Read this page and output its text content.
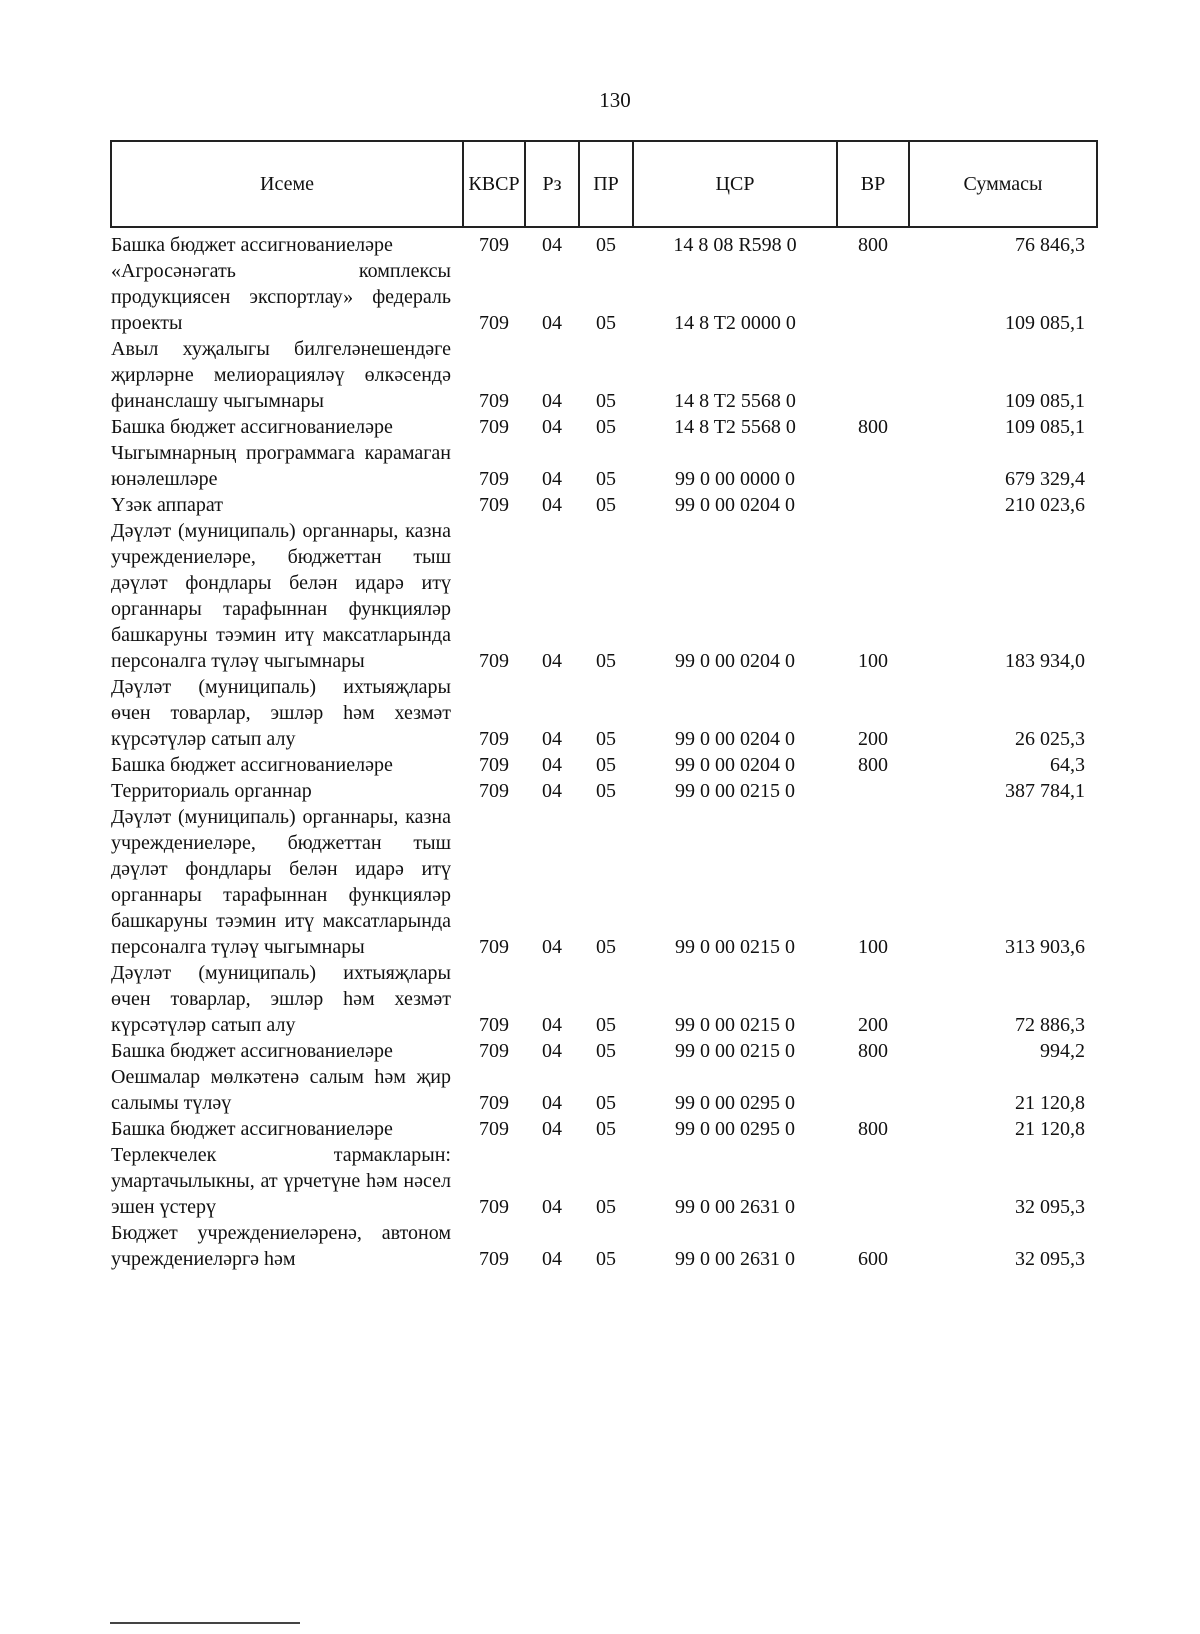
130
Исеме	КВСР	Рз	ПР	ЦСР	ВР	Суммасы
Башка бюджет ассигнованиеләре	709	04	05	14 8 08 R598 0	800	76 846,3
«Агросәнәгать комплексы продукциясен экспортлау» федераль проекты	709	04	05	14 8 T2 0000 0		109 085,1
Авыл хуҗалыгы билгеләнешендәге җирләрне мелиорацияләү өлкәсендә финанслашу чыгымнары	709	04	05	14 8 T2 5568 0		109 085,1
Башка бюджет ассигнованиеләре	709	04	05	14 8 T2 5568 0	800	109 085,1
Чыгымнарның программага карамаган юнәлешләре	709	04	05	99 0 00 0000 0		679 329,4
Үзәк аппарат	709	04	05	99 0 00 0204 0		210 023,6
Дәүләт (муниципаль) органнары, казна учреждениеләре, бюджеттан тыш дәүләт фондлары белән идарә итү органнары тарафыннан функцияләр башкаруны тәэмин итү максатларында персоналга түләү чыгымнары	709	04	05	99 0 00 0204 0	100	183 934,0
Дәүләт (муниципаль) ихтыяҗлары өчен товарлар, эшләр һәм хезмәт күрсәтүләр сатып алу	709	04	05	99 0 00 0204 0	200	26 025,3
Башка бюджет ассигнованиеләре	709	04	05	99 0 00 0204 0	800	64,3
Территориаль органнар	709	04	05	99 0 00 0215 0		387 784,1
Дәүләт (муниципаль) органнары, казна учреждениеләре, бюджеттан тыш дәүләт фондлары белән идарә итү органнары тарафыннан функцияләр башкаруны тәэмин итү максатларында персоналга түләү чыгымнары	709	04	05	99 0 00 0215 0	100	313 903,6
Дәүләт (муниципаль) ихтыяҗлары өчен товарлар, эшләр һәм хезмәт күрсәтүләр сатып алу	709	04	05	99 0 00 0215 0	200	72 886,3
Башка бюджет ассигнованиеләре	709	04	05	99 0 00 0215 0	800	994,2
Оешмалар мөлкәтенә салым һәм җир салымы түләү	709	04	05	99 0 00 0295 0		21 120,8
Башка бюджет ассигнованиеләре	709	04	05	99 0 00 0295 0	800	21 120,8
Терлекчелек тармакларын: умартачылыкны, ат үрчетүне һәм нәсел эшен үстерү	709	04	05	99 0 00 2631 0		32 095,3
Бюджет учреждениеләренә, автоном учреждениеләргә һәм	709	04	05	99 0 00 2631 0	600	32 095,3
